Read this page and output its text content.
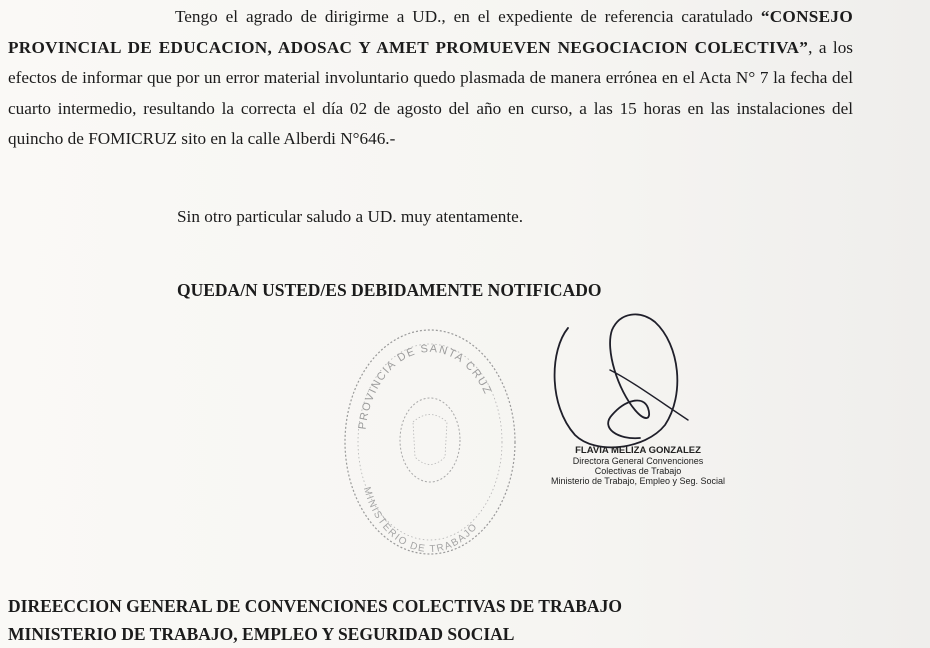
Tengo el agrado de dirigirme a UD., en el expediente de referencia caratulado “CONSEJO PROVINCIAL DE EDUCACION, ADOSAC Y AMET PROMUEVEN NEGOCIACION COLECTIVA”, a los efectos de informar que por un error material involuntario quedo plasmada de manera errónea en el Acta N° 7 la fecha del cuarto intermedio, resultando la correcta el día 02 de agosto del año en curso, a las 15 horas en las instalaciones del quincho de FOMICRUZ sito en la calle Alberdi N°646.-
Sin otro particular saludo a UD. muy atentamente.
QUEDA/N USTED/ES DEBIDAMENTE NOTIFICADO
PROVINCIA DE SANTA CRUZ
MINISTERIO DE TRABAJO
FLAVIA MELIZA GONZALEZ
Directora General Convenciones
Colectivas de Trabajo
Ministerio de Trabajo, Empleo y Seg. Social
DIREECCION GENERAL DE CONVENCIONES COLECTIVAS DE TRABAJO
MINISTERIO DE TRABAJO, EMPLEO Y SEGURIDAD SOCIAL
